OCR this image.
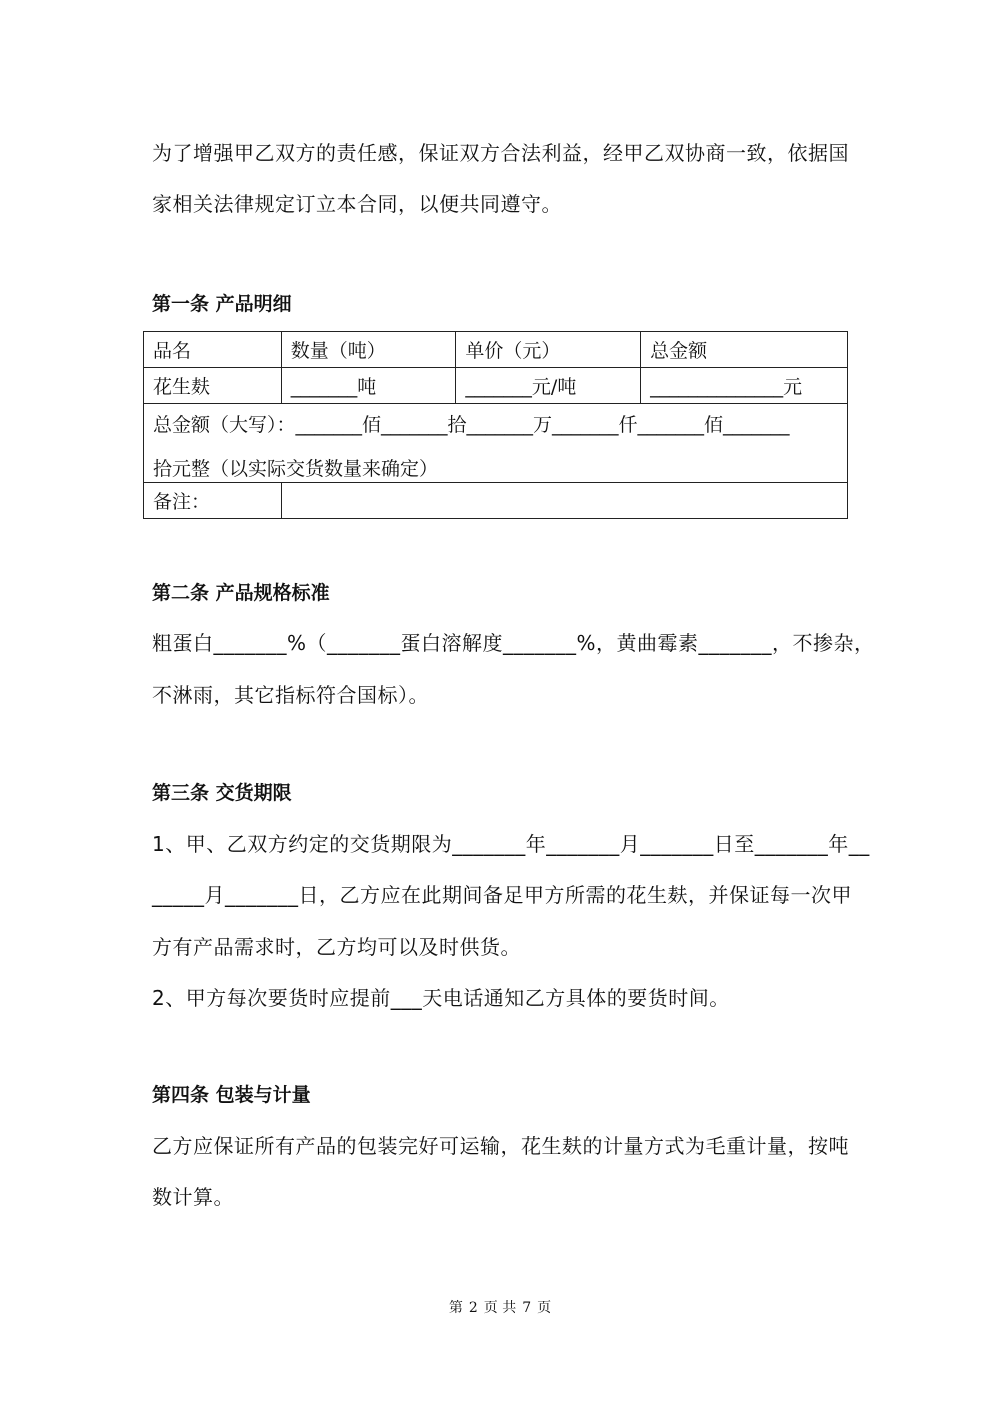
为了增强甲乙双方的责任感，保证双方合法利益，经甲乙双协商一致，依据国
家相关法律规定订立本合同，以便共同遵守。
第一条 产品明细
品名	数量（吨）	单价（元）	总金额
花生麸	_______吨	_______元/吨	______________元

总金额（大写）：_______佰_______拾_______万_______仟_______佰_______
拾元整（以实际交货数量来确定）			

备注：			
第二条 产品规格标准
粗蛋白_______%（_______蛋白溶解度_______%，黄曲霉素_______，不掺杂，
不淋雨，其它指标符合国标）。
第三条 交货期限
1、甲、乙双方约定的交货期限为_______年_______月_______日至_______年__
_____月_______日，乙方应在此期间备足甲方所需的花生麸，并保证每一次甲
方有产品需求时，乙方均可以及时供货。
2、甲方每次要货时应提前___天电话通知乙方具体的要货时间。
第四条 包装与计量
乙方应保证所有产品的包装完好可运输，花生麸的计量方式为毛重计量，按吨
数计算。
第 2 页 共 7 页
